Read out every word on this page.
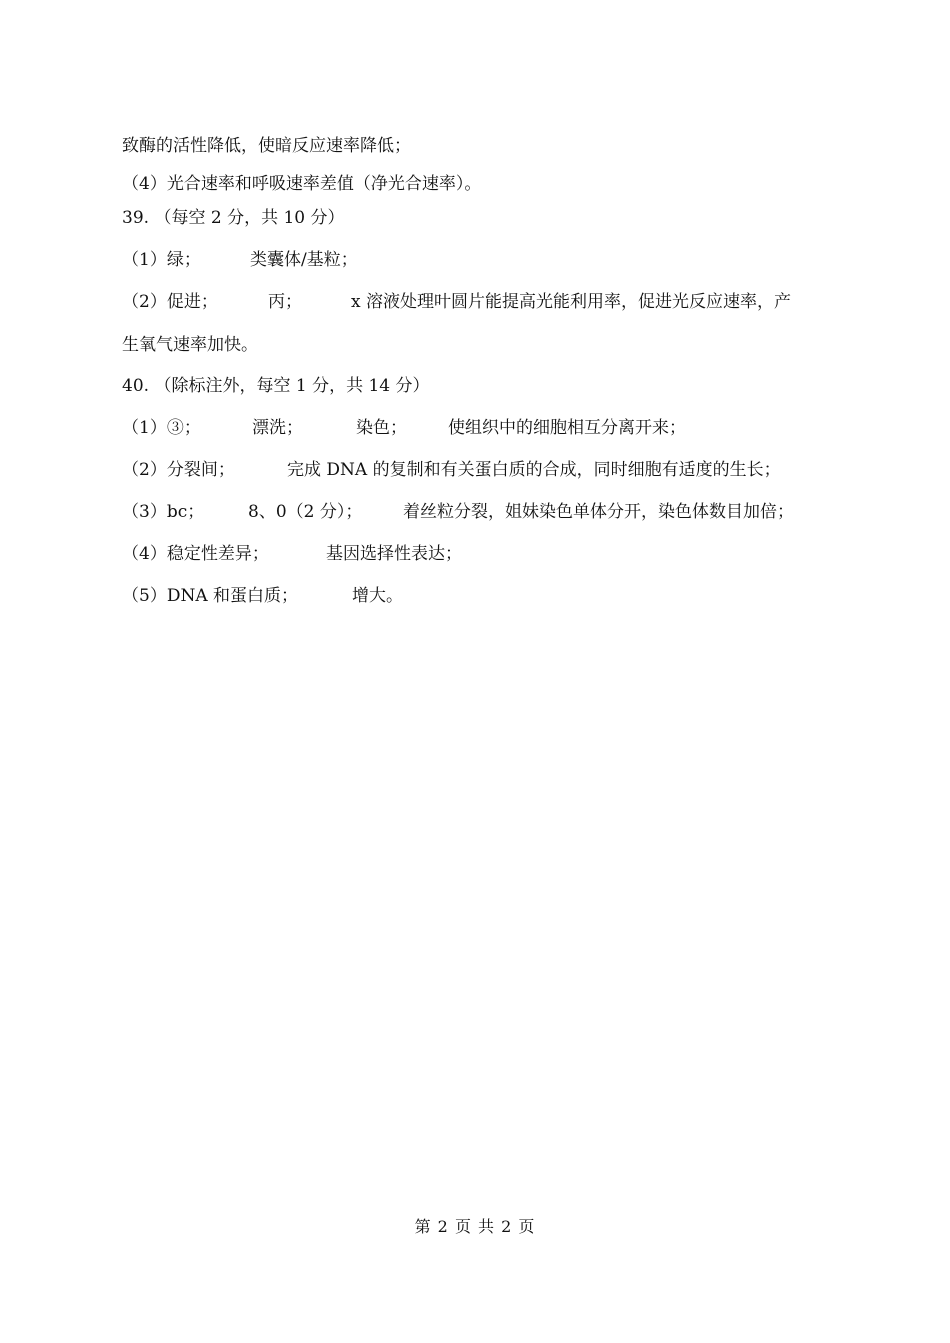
致酶的活性降低，使暗反应速率降低；
（4）光合速率和呼吸速率差值（净光合速率）。
39. （每空 2 分，共 10 分）
（1）绿；	类囊体/基粒；
（2）促进；	丙；	x 溶液处理叶圆片能提高光能利用率，促进光反应速率，产
生氧气速率加快。
40. （除标注外，每空 1 分，共 14 分）
（1）③；	漂洗；	染色； 使组织中的细胞相互分离开来；
（2）分裂间；	完成 DNA 的复制和有关蛋白质的合成，同时细胞有适度的生长；
（3）bc；	8、0（2 分）； 着丝粒分裂，姐妹染色单体分开，染色体数目加倍；
（4）稳定性差异；	基因选择性表达；
（5）DNA 和蛋白质；	增大。
第 2 页 共 2 页
